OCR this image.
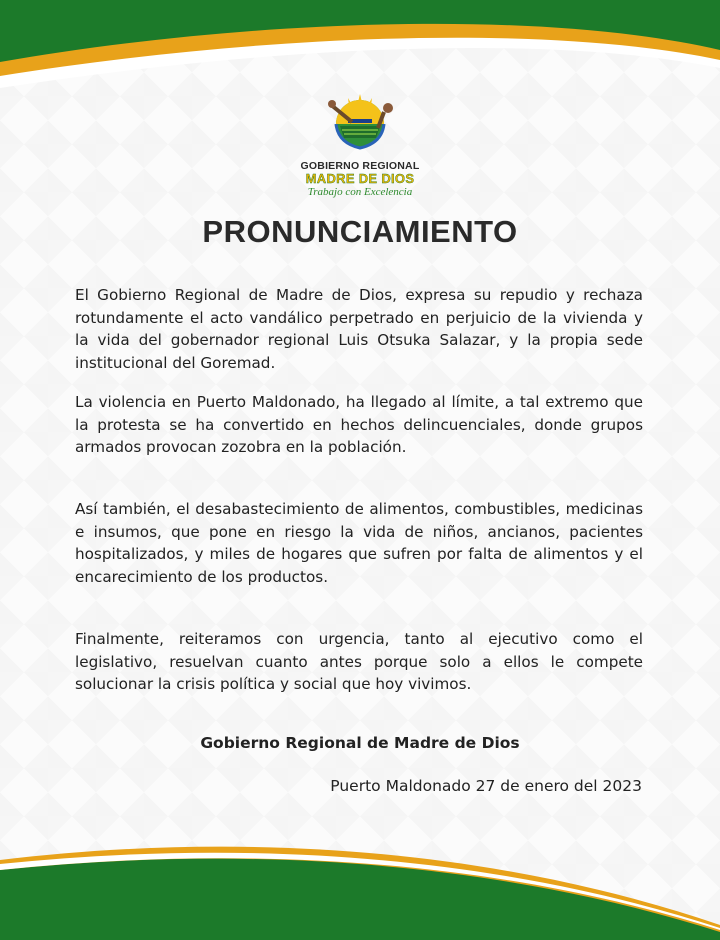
GOBIERNO REGIONAL
MADRE DE DIOS
Trabajo con Excelencia
PRONUNCIAMIENTO
El Gobierno Regional de Madre de Dios, expresa su repudio y rechaza rotundamente el acto vandálico perpetrado en perjuicio de la vivienda y la vida del gobernador regional Luis Otsuka Salazar, y la propia sede institucional del Goremad.
La violencia en Puerto Maldonado, ha llegado al límite, a tal extremo que la protesta se ha convertido en hechos delincuenciales, donde grupos armados provocan zozobra en la población.
Así también, el desabastecimiento de alimentos, combustibles, medicinas e insumos, que pone en riesgo la vida de niños, ancianos, pacientes hospitalizados, y miles de hogares que sufren por falta de alimentos y el encarecimiento de los productos.
Finalmente, reiteramos con urgencia, tanto al ejecutivo como el legislativo, resuelvan cuanto antes porque solo a ellos le compete solucionar la crisis política y social que hoy vivimos.
Gobierno Regional de Madre de Dios
Puerto Maldonado 27 de enero del 2023
